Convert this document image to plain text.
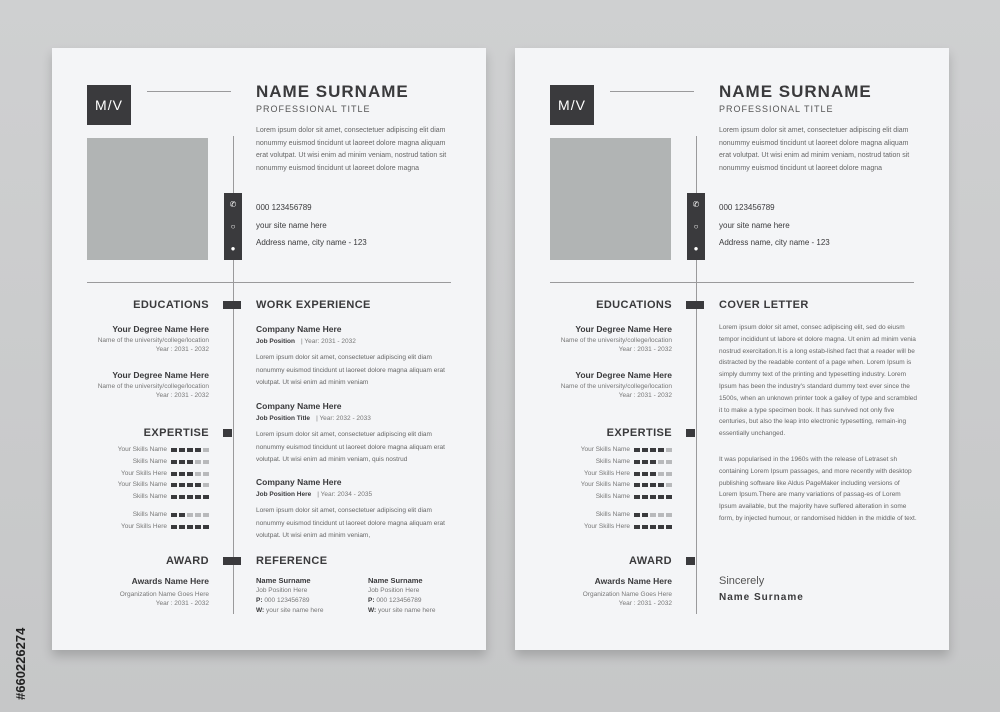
#660226274
M/V
NAME SURNAME
PROFESSIONAL TITLE
Lorem ipsum dolor sit amet, consectetuer adipiscing elit diam nonummy euismod tincidunt ut laoreet dolore magna aliquam erat volutpat. Ut wisi enim ad minim veniam, nostrud tation sit nonummy euismod tincidunt ut laoreet dolore magna
✆
○
●
000 123456789
your site name here
Address name, city name - 123
EDUCATIONS
Your Degree Name Here
Name of the university/college/location
Year : 2031 - 2032
Your Degree Name Here
Name of the university/college/location
Year : 2031 - 2032
EXPERTISE
Your Skills Name
Skills Name
Your Skills Here
Your Skills Name
Skills Name
Skills Name
Your Skills Here
AWARD
Awards Name Here
Organization Name Goes Here
Year : 2031 - 2032
WORK EXPERIENCE
Company Name Here
Job Position | Year: 2031 - 2032
Lorem ipsum dolor sit amet, consectetuer adipiscing elit diam nonummy euismod tincidunt ut laoreet dolore magna aliquam erat volutpat. Ut wisi enim ad minim veniam
Company Name Here
Job Position Title | Year: 2032 - 2033
Lorem ipsum dolor sit amet, consectetuer adipiscing elit diam nonummy euismod tincidunt ut laoreet dolore magna aliquam erat volutpat. Ut wisi enim ad minim veniam, quis nostrud
Company Name Here
Job Position Here | Year: 2034 - 2035
Lorem ipsum dolor sit amet, consectetuer adipiscing elit diam nonummy euismod tincidunt ut laoreet dolore magna aliquam erat volutpat. Ut wisi enim ad minim veniam,
REFERENCE
Name Surname
Job Position Here
P: 000 123456789
W: your site name here
Name Surname
Job Position Here
P: 000 123456789
W: your site name here
M/V
NAME SURNAME
PROFESSIONAL TITLE
Lorem ipsum dolor sit amet, consectetuer adipiscing elit diam nonummy euismod tincidunt ut laoreet dolore magna aliquam erat volutpat. Ut wisi enim ad minim veniam, nostrud tation sit nonummy euismod tincidunt ut laoreet dolore magna
✆
○
●
000 123456789
your site name here
Address name, city name - 123
EDUCATIONS
Your Degree Name Here
Name of the university/college/location
Year : 2031 - 2032
Your Degree Name Here
Name of the university/college/location
Year : 2031 - 2032
EXPERTISE
Your Skills Name
Skills Name
Your Skills Here
Your Skills Name
Skills Name
Skills Name
Your Skills Here
AWARD
Awards Name Here
Organization Name Goes Here
Year : 2031 - 2032
COVER LETTER
Lorem ipsum dolor sit amet, consec adipiscing elit, sed do eiusm tempor incididunt ut labore et dolore magna. Ut enim ad minim venia nostrud exercitation.It is a long estab-lished fact that a reader will be distracted by the readable content of a page when. Lorem Ipsum is simply dummy text of the printing and typesetting industry. Lorem Ipsum has been the industry's standard dummy text ever since the 1500s, when an unknown printer took a galley of type and scrambled it to make a type specimen book. It has survived not only five centuries, but also the leap into electronic typesetting, remain-ing essentially unchanged.
It was popularised in the 1960s with the release of Letraset sh containing Lorem Ipsum passages, and more recently with desktop publishing software like Aldus PageMaker including versions of Lorem Ipsum.There are many variations of passag-es of Lorem Ipsum available, but the majority have suffered alteration in some form, by injected humour, or randomised hidden in the middle of text.
Sincerely
Name Surname
